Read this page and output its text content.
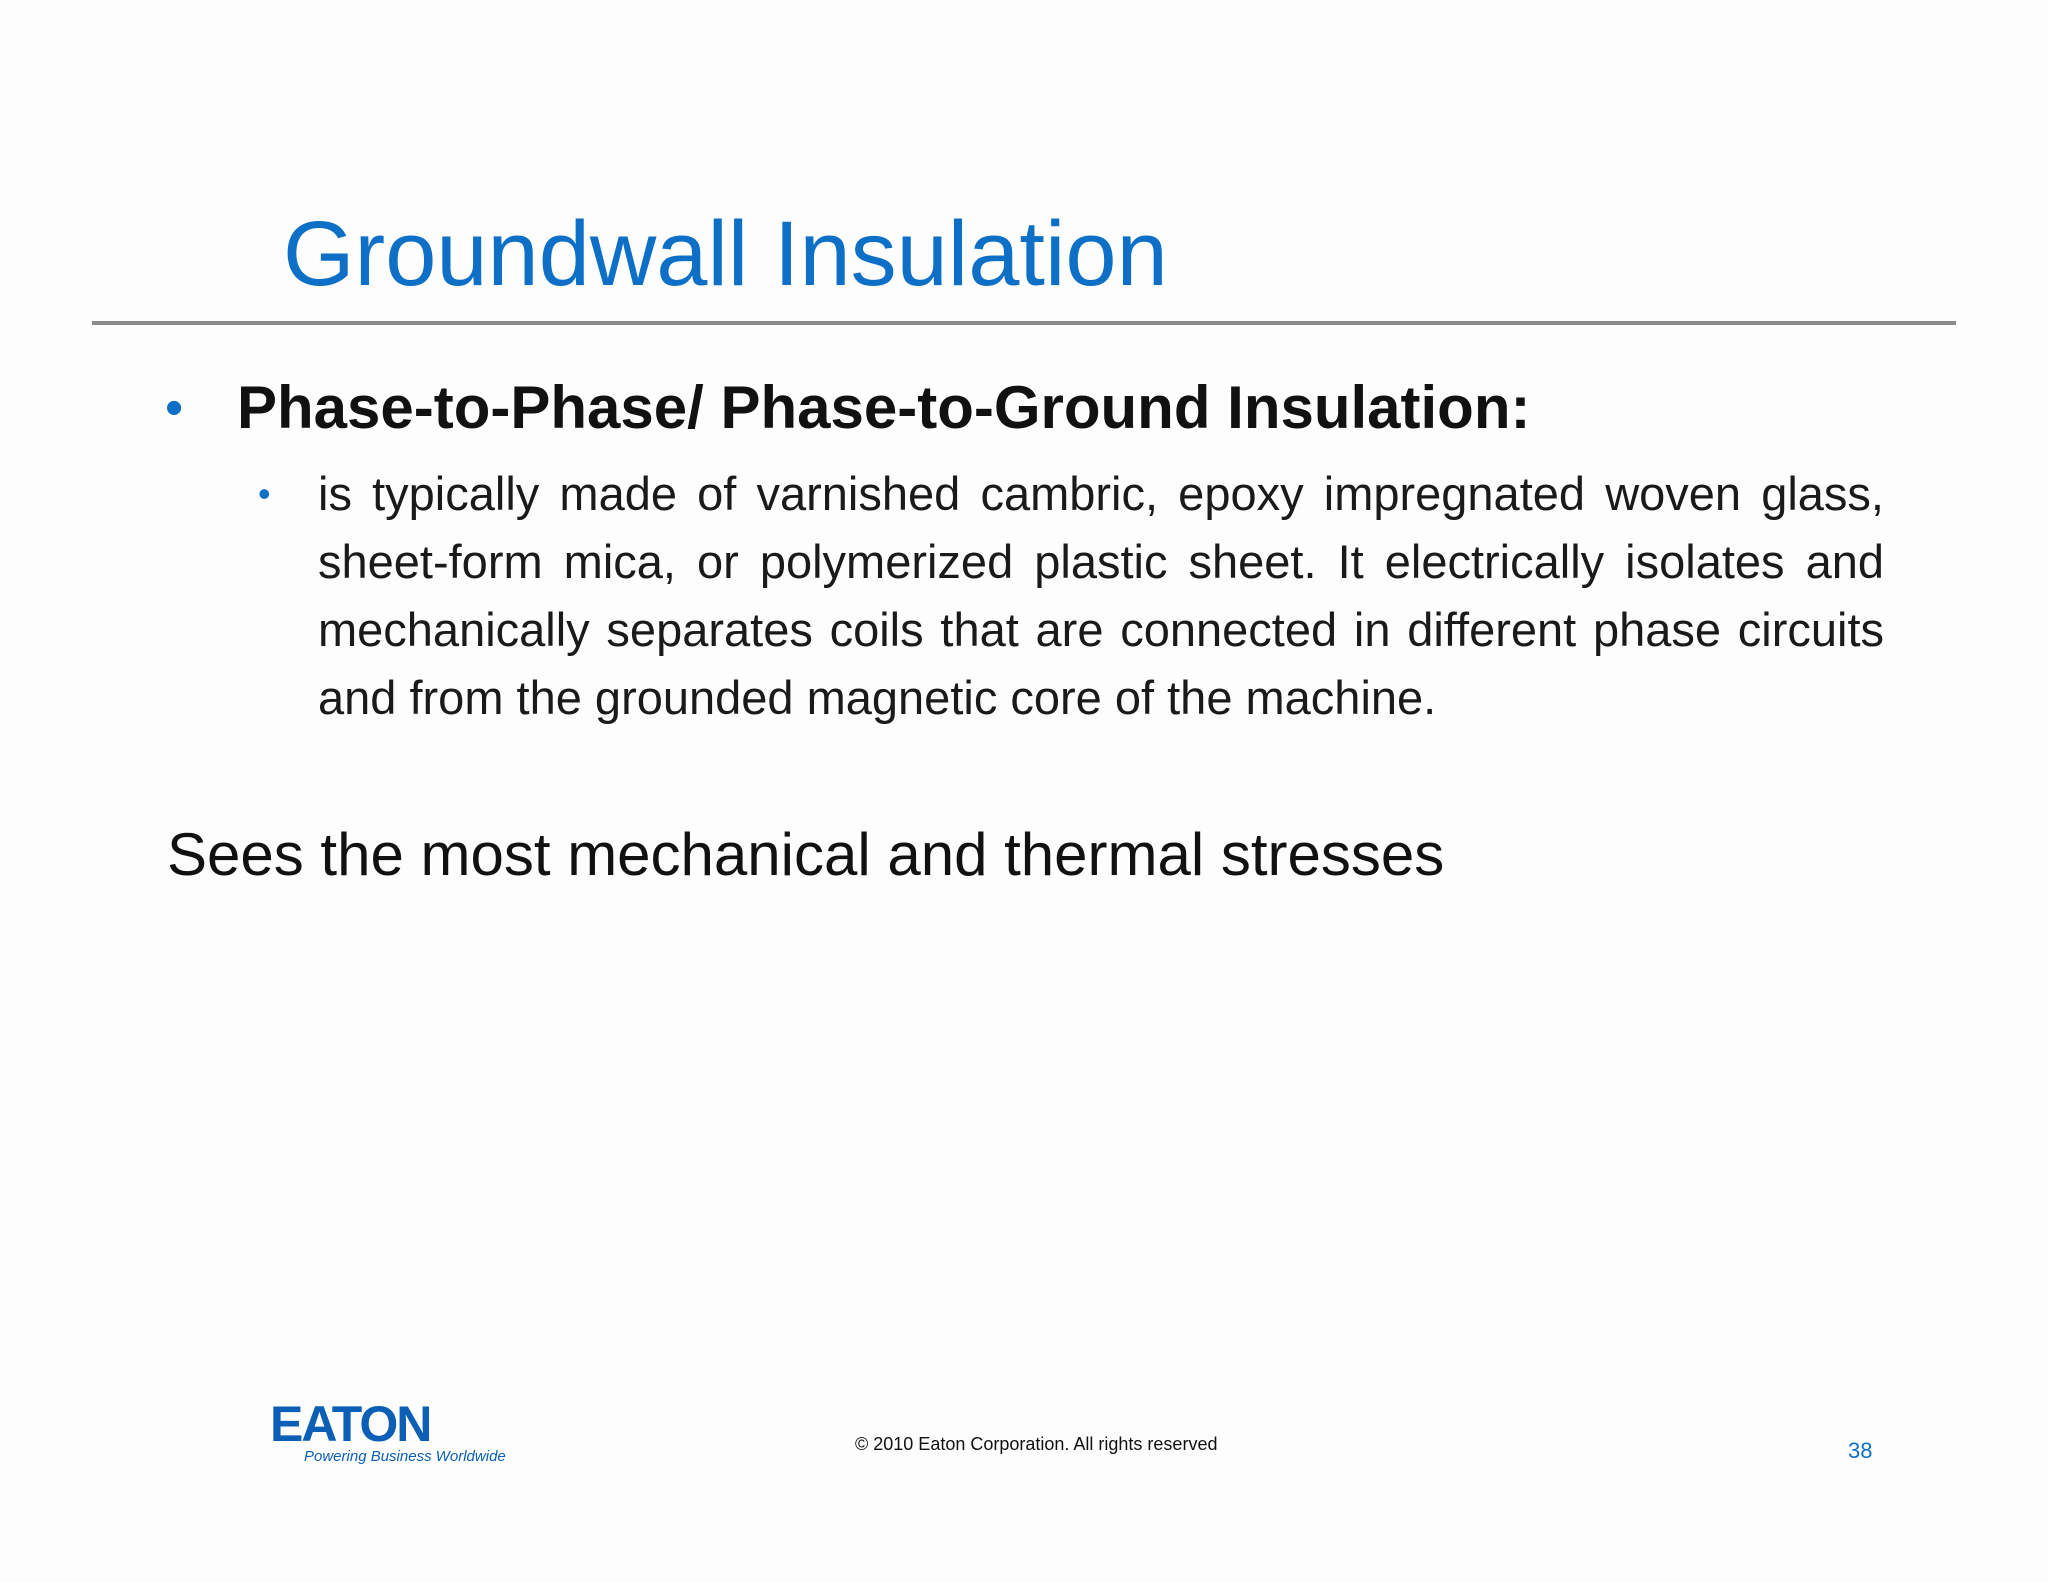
Groundwall Insulation
• Phase-to-Phase/ Phase-to-Ground Insulation:
• is typically made of varnished cambric, epoxy impregnated woven glass, sheet-form mica, or polymerized plastic sheet. It electrically isolates and mechanically separates coils that are connected in different phase circuits and from the grounded magnetic core of the machine.
Sees the most mechanical and thermal stresses
EATON
Powering Business Worldwide
© 2010 Eaton Corporation. All rights reserved	38
